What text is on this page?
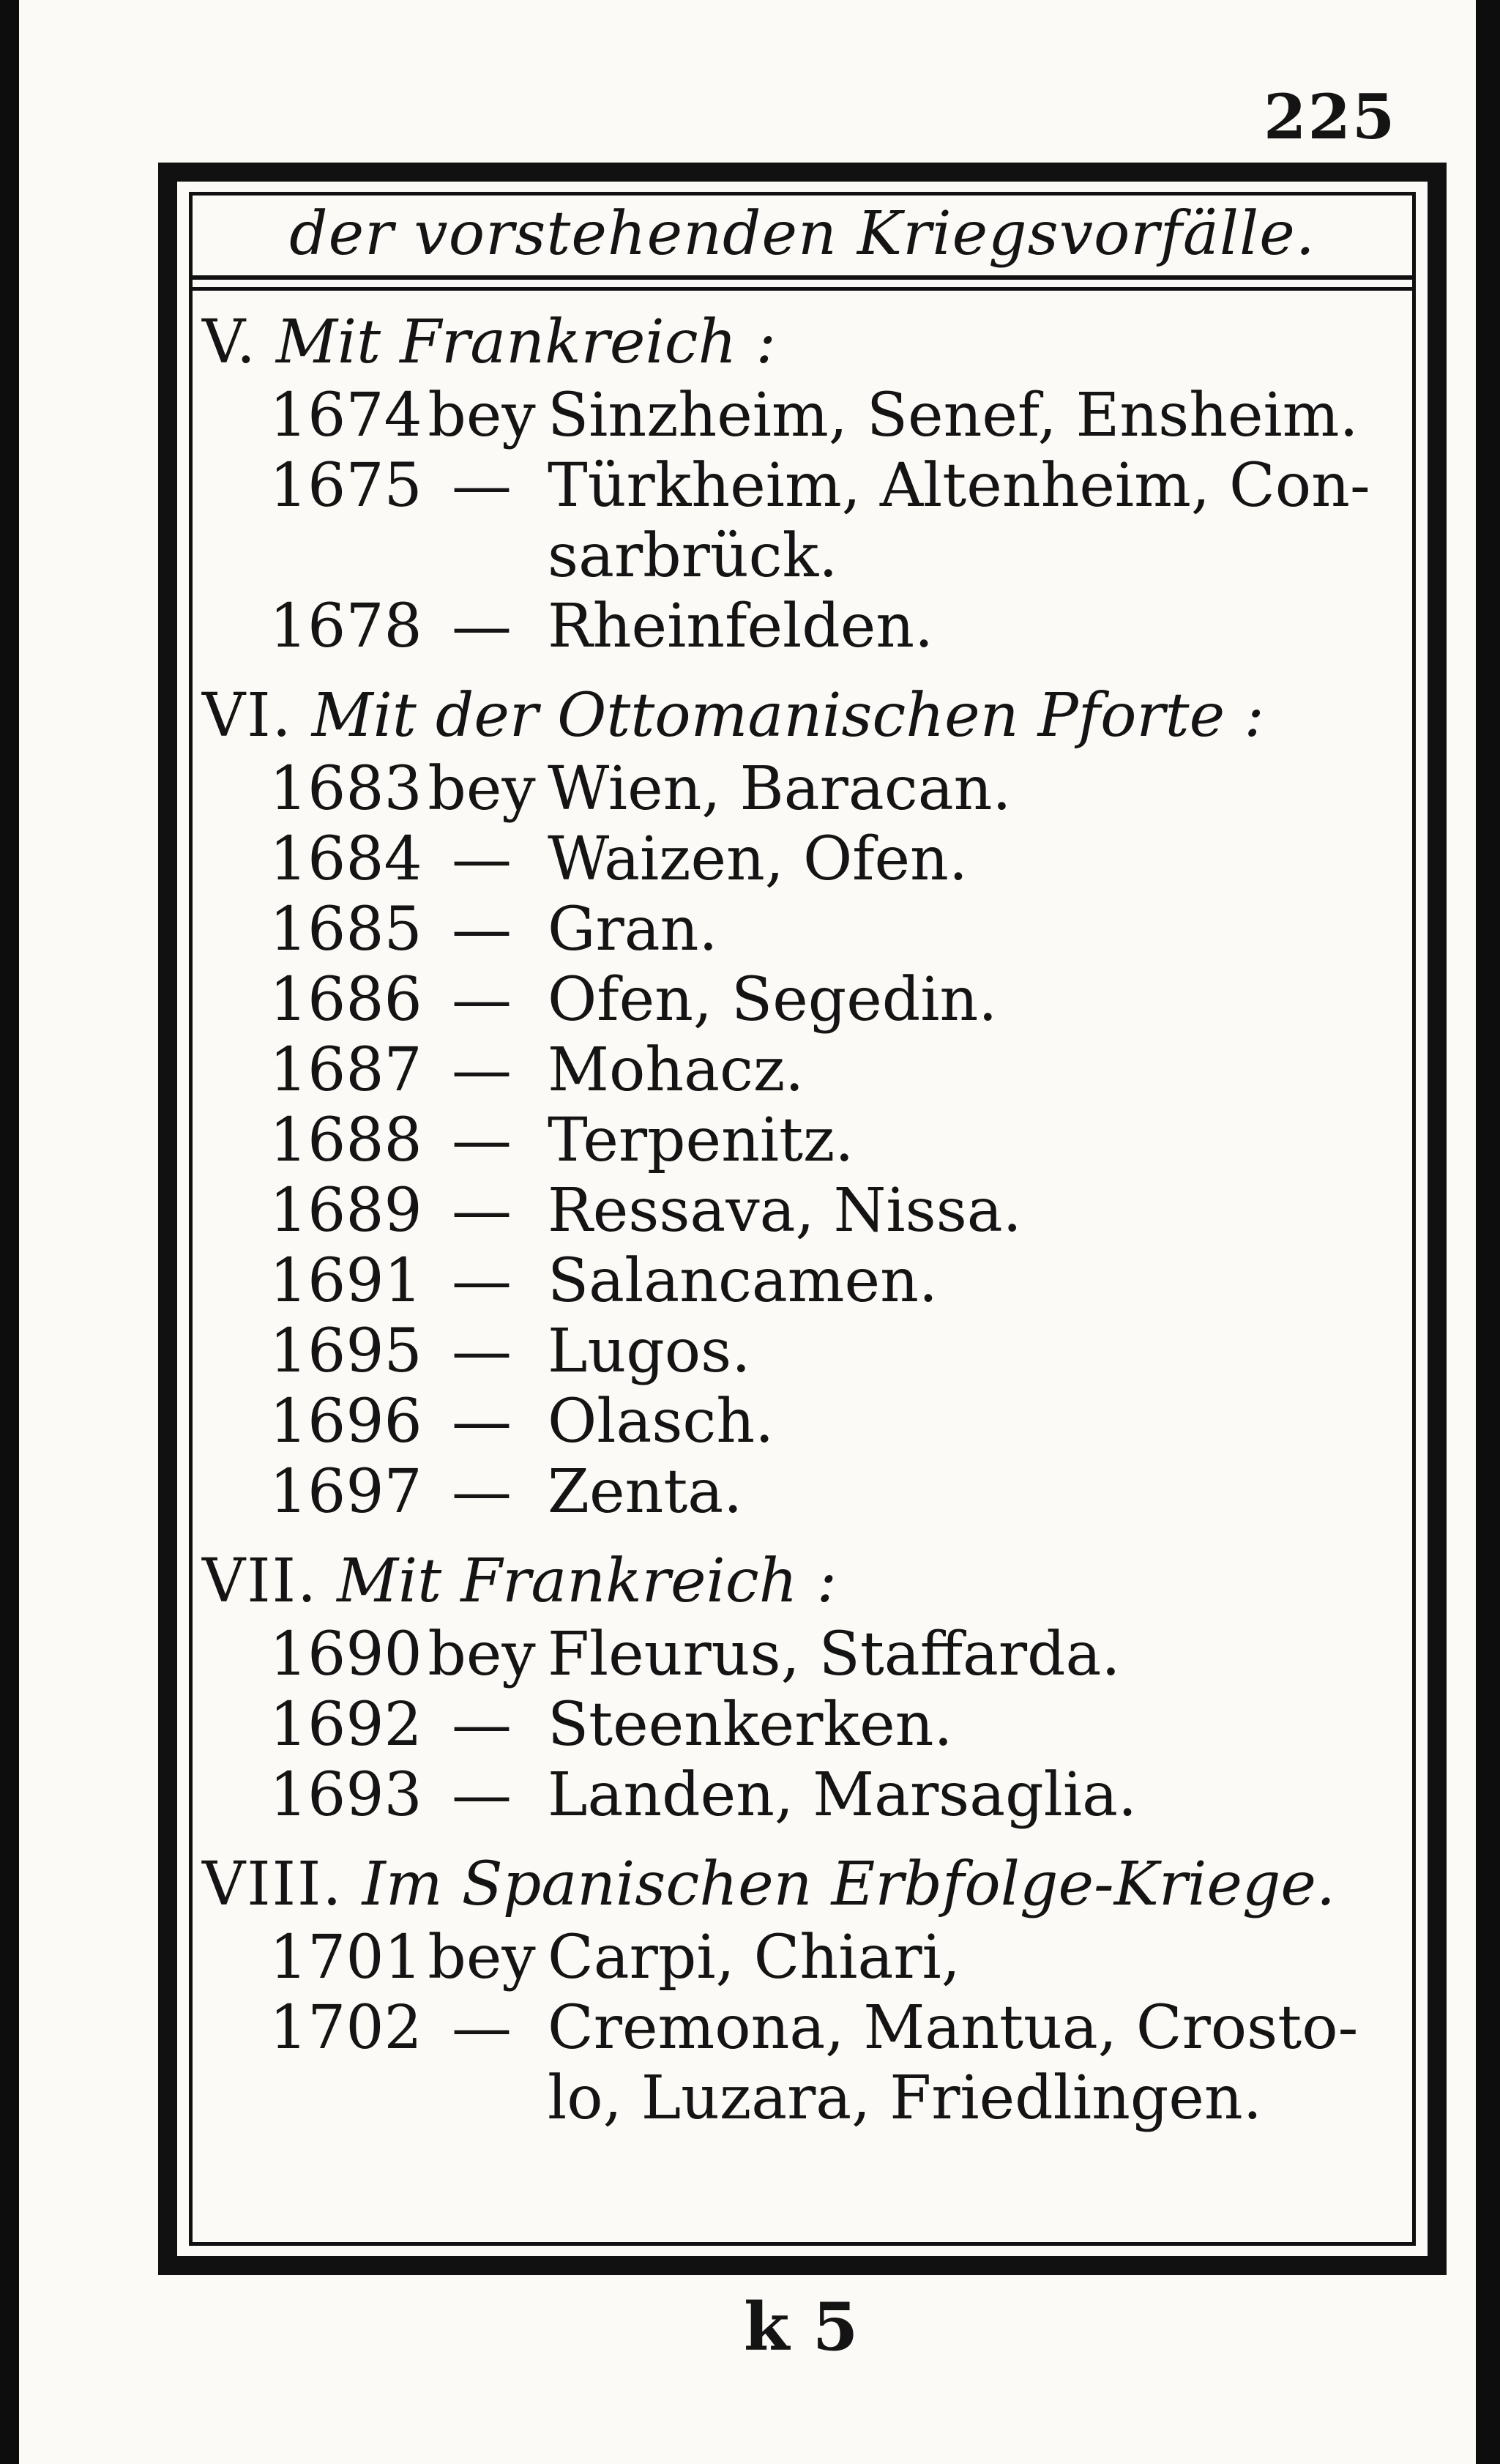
225
der vorstehenden Kriegsvorfälle.
V. Mit Frankreich :
1674bey Sinzheim, Senef, Ensheim.
1675 — Türkheim, Altenheim, Con-
sarbrück.
1678 — Rheinfelden.
VI. Mit der Ottomanischen Pforte :
1683bey Wien, Baracan.
1684 — Waizen, Ofen.
1685 — Gran.
1686 — Ofen, Segedin.
1687 — Mohacz.
1688 — Terpenitz.
1689 — Ressava, Nissa.
1691 — Salancamen.
1695 — Lugos.
1696 — Olasch.
1697 — Zenta.
VII. Mit Frankreich :
1690bey Fleurus, Staffarda.
1692 — Steenkerken.
1693 — Landen, Marsaglia.
VIII. Im Spanischen Erbfolge-Kriege.
1701bey Carpi, Chiari,
1702 — Cremona, Mantua, Crosto-
lo, Luzara, Friedlingen.
k 5
